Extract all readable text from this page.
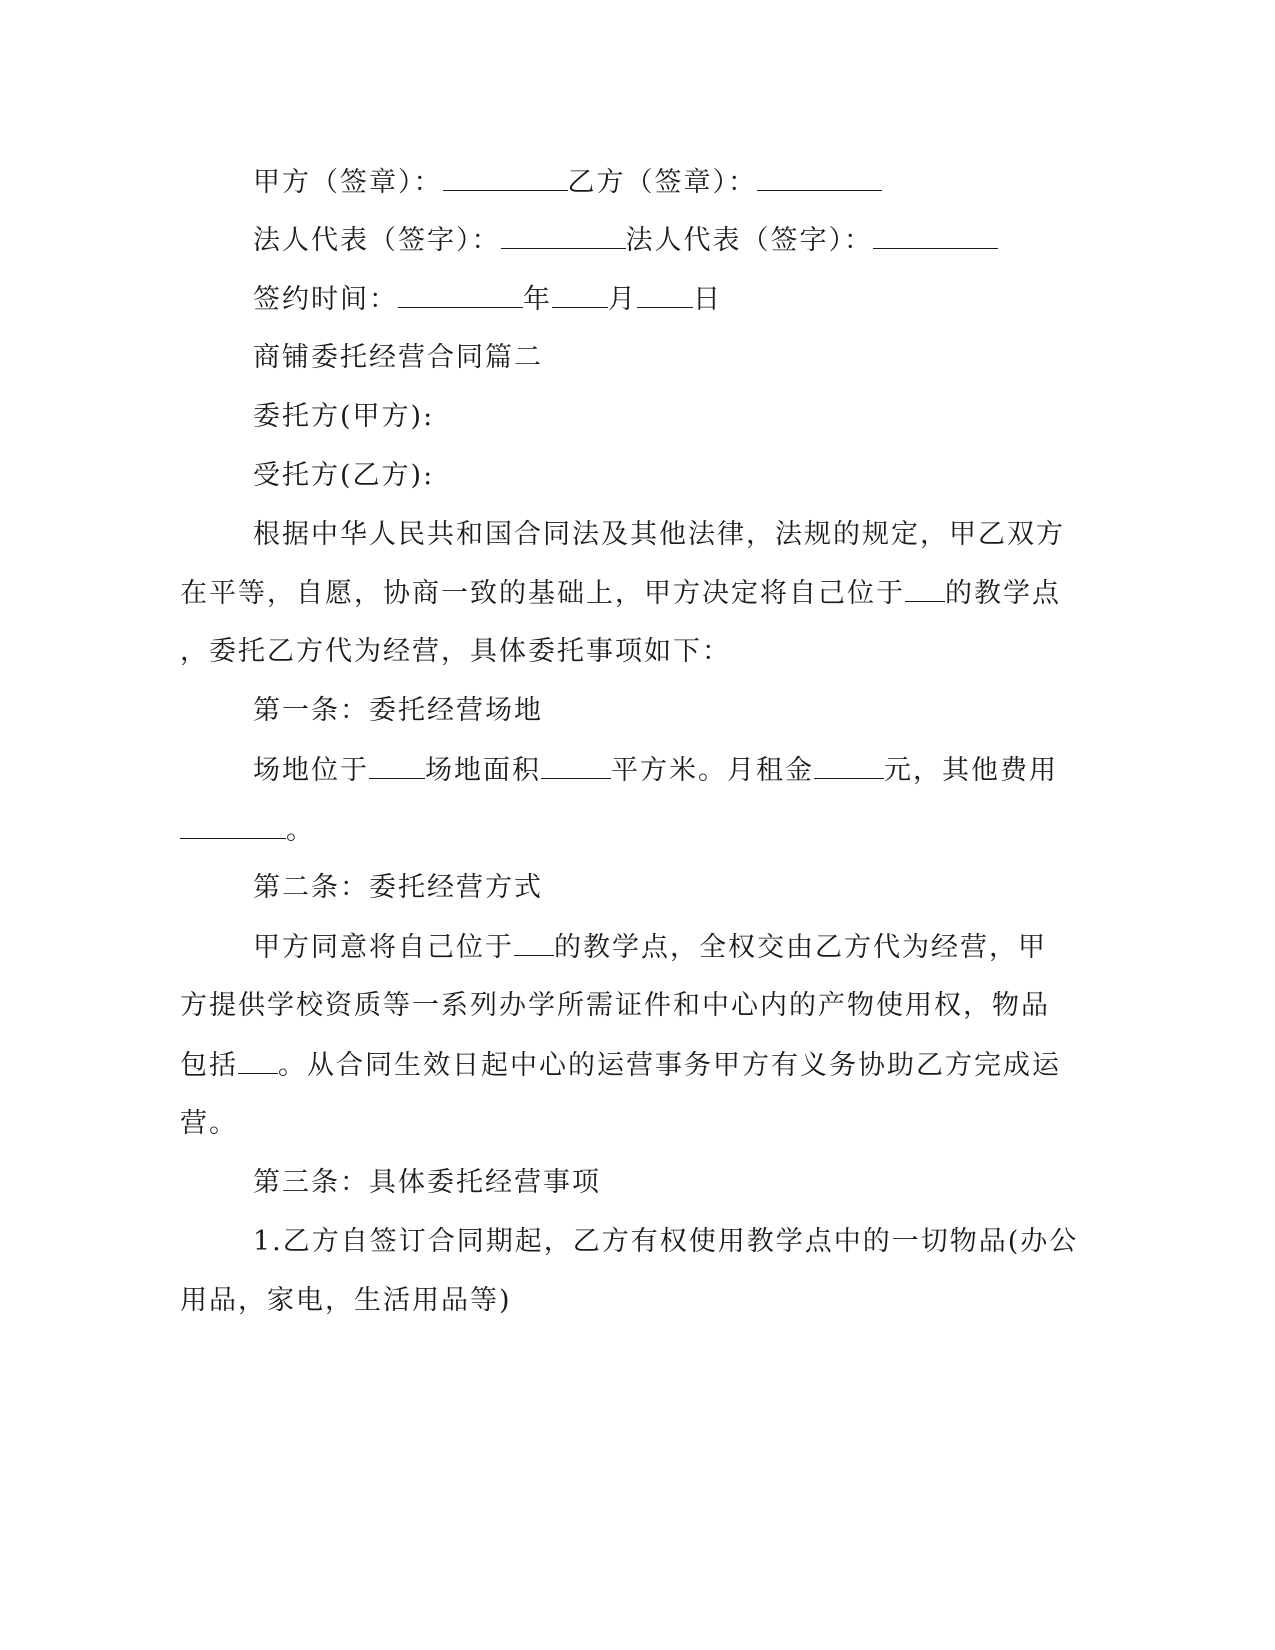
甲方（签章）：	乙方（签章）：
法人代表（签字）：	法人代表（签字）：
签约时间：	年 月 日
商铺委托经营合同篇二
委托方(甲方):
受托方(乙方):
根据中华人民共和国合同法及其他法律，法规的规定，甲乙双方
在平等，自愿，协商一致的基础上，甲方决定将自己位于 的教学点
，委托乙方代为经营，具体委托事项如下：
第一条：委托经营场地
场地位于 场地面积	平方米。月租金	元，其他费用
。
第二条：委托经营方式
甲方同意将自己位于 的教学点，全权交由乙方代为经营，甲
方提供学校资质等一系列办学所需证件和中心内的产物使用权，物品
包括 。从合同生效日起中心的运营事务甲方有义务协助乙方完成运
营。
第三条：具体委托经营事项
1.乙方自签订合同期起，乙方有权使用教学点中的一切物品(办公
用品，家电，生活用品等)
